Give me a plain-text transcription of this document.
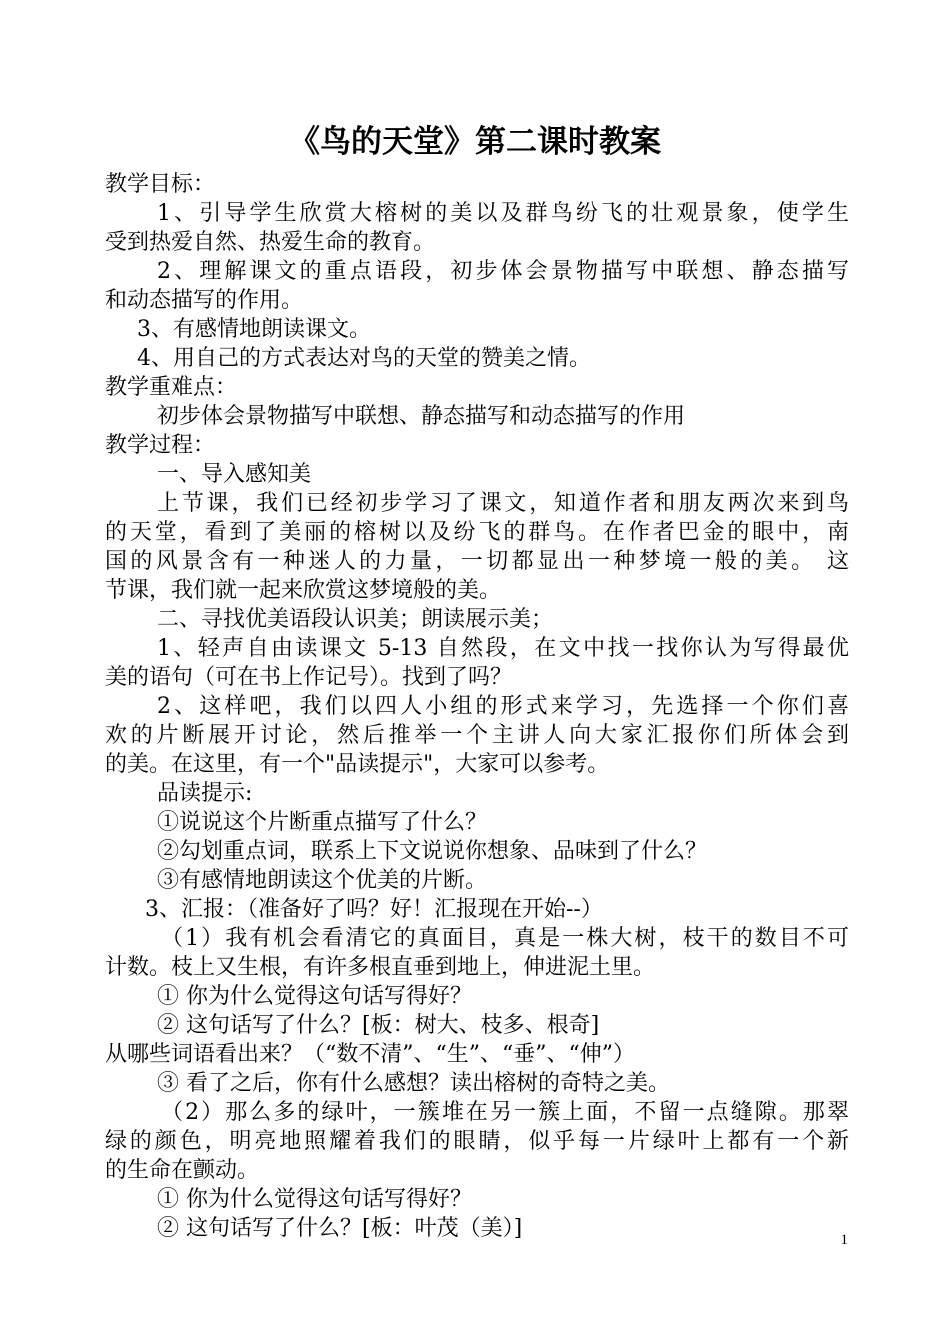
《鸟的天堂》第二课时教案
教学目标：
1、引导学生欣赏大榕树的美以及群鸟纷飞的壮观景象，使学生
受到热爱自然、热爱生命的教育。
2、理解课文的重点语段，初步体会景物描写中联想、静态描写
和动态描写的作用。
3、有感情地朗读课文。
4、用自己的方式表达对鸟的天堂的赞美之情。
教学重难点：
初步体会景物描写中联想、静态描写和动态描写的作用
教学过程：
一、导入感知美
上节课，我们已经初步学习了课文，知道作者和朋友两次来到鸟
的天堂，看到了美丽的榕树以及纷飞的群鸟。在作者巴金的眼中，南
国的风景含有一种迷人的力量，一切都显出一种梦境一般的美。 这
节课，我们就一起来欣赏这梦境般的美。
二、寻找优美语段认识美；朗读展示美；
1、轻声自由读课文 5-13 自然段，在文中找一找你认为写得最优
美的语句（可在书上作记号）。找到了吗？
2、这样吧，我们以四人小组的形式来学习，先选择一个你们喜
欢的片断展开讨论，然后推举一个主讲人向大家汇报你们所体会到
的美。在这里，有一个"品读提示"，大家可以参考。
品读提示:
①说说这个片断重点描写了什么？
②勾划重点词，联系上下文说说你想象、品味到了什么？
③有感情地朗读这个优美的片断。
3、汇报：（准备好了吗？好！汇报现在开始--）
（1）我有机会看清它的真面目，真是一株大树，枝干的数目不可
计数。枝上又生根，有许多根直垂到地上，伸进泥土里。
① 你为什么觉得这句话写得好？
② 这句话写了什么？[板：树大、枝多、根奇]
从哪些词语看出来？（“数不清”、“生”、“垂”、“伸”）
③ 看了之后，你有什么感想？读出榕树的奇特之美。
（2）那么多的绿叶，一簇堆在另一簇上面，不留一点缝隙。那翠
绿的颜色，明亮地照耀着我们的眼睛，似乎每一片绿叶上都有一个新
的生命在颤动。
① 你为什么觉得这句话写得好？
② 这句话写了什么？[板：叶茂（美）]	1
